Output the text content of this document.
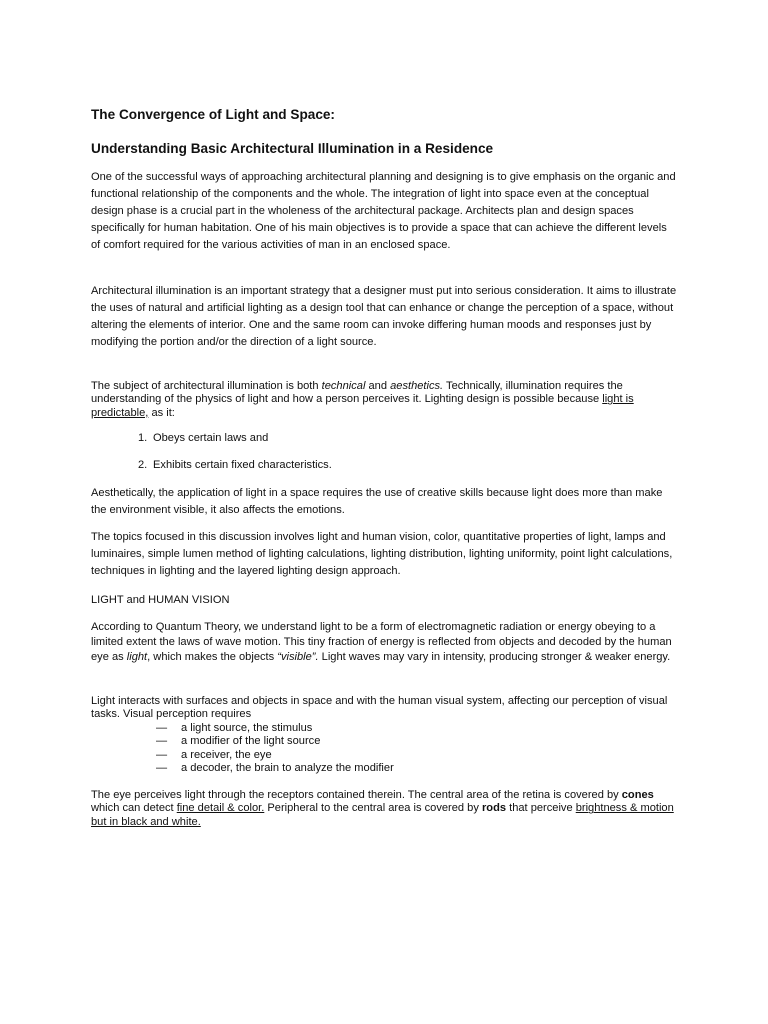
The Convergence of Light and Space:
Understanding Basic Architectural Illumination in a Residence

One of the successful ways of approaching architectural planning and designing is to give emphasis on the organic and functional relationship of the components and the whole. The integration of light into space even at the conceptual design phase is a crucial part in the wholeness of the architectural package. Architects plan and design spaces specifically for human habitation. One of his main objectives is to provide a space that can achieve the different levels of comfort required for the various activities of man in an enclosed space.

Architectural illumination is an important strategy that a designer must put into serious consideration. It aims to illustrate the uses of natural and artificial lighting as a design tool that can enhance or change the perception of a space, without altering the elements of interior. One and the same room can invoke differing human moods and responses just by modifying the portion and/or the direction of a light source.

The subject of architectural illumination is both technical and aesthetics. Technically, illumination requires the understanding of the physics of light and how a person perceives it. Lighting design is possible because light is predictable, as it:

1. Obeys certain laws and
2. Exhibits certain fixed characteristics.

Aesthetically, the application of light in a space requires the use of creative skills because light does more than make the environment visible, it also affects the emotions.

The topics focused in this discussion involves light and human vision, color, quantitative properties of light, lamps and luminaires, simple lumen method of lighting calculations, lighting distribution, lighting uniformity, point light calculations, techniques in lighting and the layered lighting design approach.

LIGHT and HUMAN VISION

According to Quantum Theory, we understand light to be a form of electromagnetic radiation or energy obeying to a limited extent the laws of wave motion. This tiny fraction of energy is reflected from objects and decoded by the human eye as light, which makes the objects “visible”. Light waves may vary in intensity, producing stronger & weaker energy.

Light interacts with surfaces and objects in space and with the human visual system, affecting our perception of visual tasks. Visual perception requires

— a light source, the stimulus
— a modifier of the light source
— a receiver, the eye
— a decoder, the brain to analyze the modifier

The eye perceives light through the receptors contained therein. The central area of the retina is covered by cones which can detect fine detail & color. Peripheral to the central area is covered by rods that perceive brightness & motion but in black and white.
